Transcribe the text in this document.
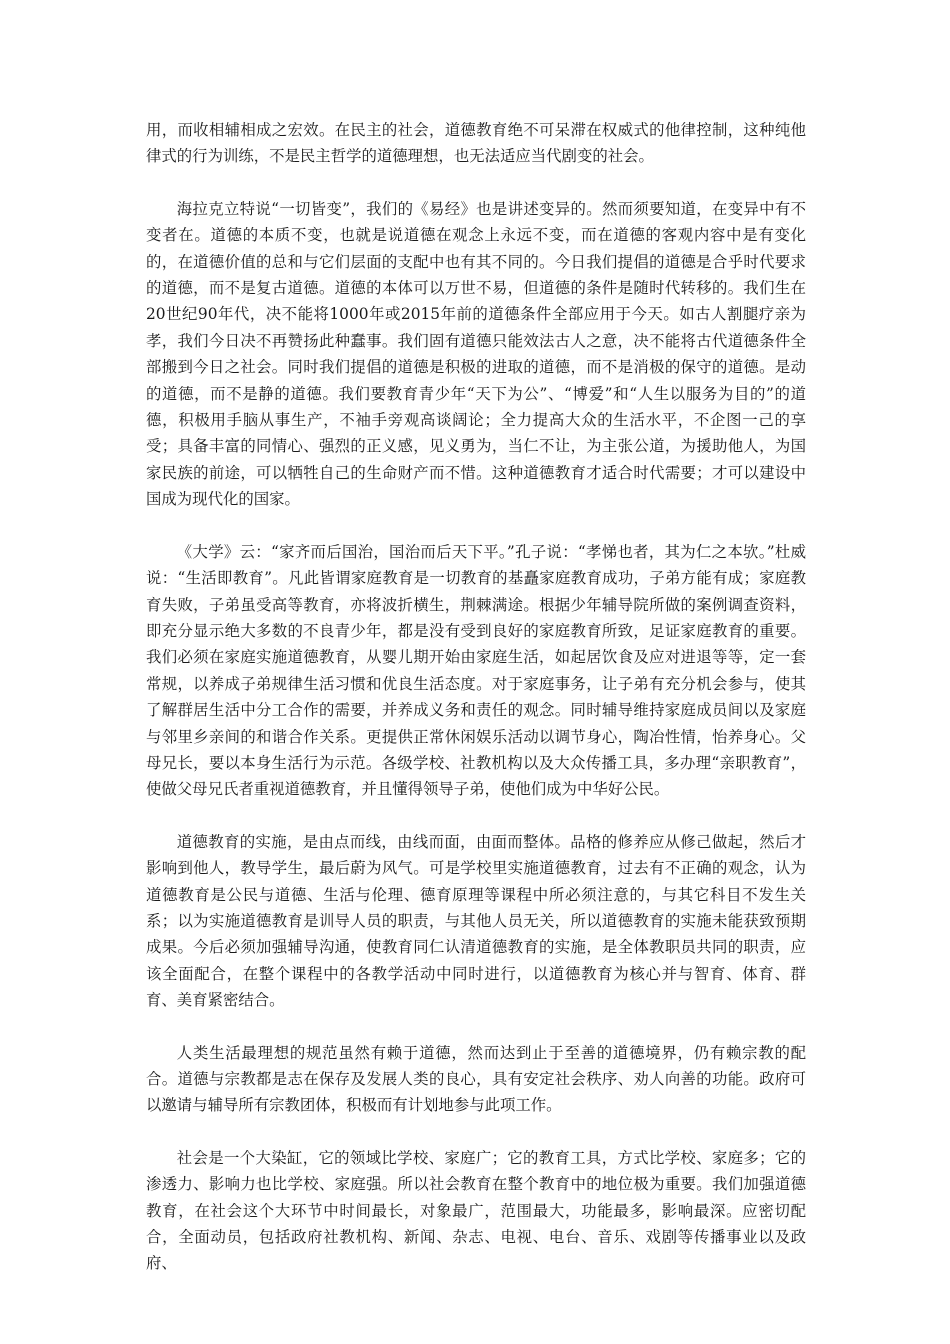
用，而收相辅相成之宏效。在民主的社会，道德教育绝不可呆滞在权威式的他律控制，这种纯他律式的行为训练，不是民主哲学的道德理想，也无法适应当代剧变的社会。

海拉克立特说“一切皆变”，我们的《易经》也是讲述变异的。然而须要知道，在变异中有不变者在。道德的本质不变，也就是说道德在观念上永远不变，而在道德的客观内容中是有变化的，在道德价值的总和与它们层面的支配中也有其不同的。今日我们提倡的道德是合乎时代要求的道德，而不是复古道德。道德的本体可以万世不易，但道德的条件是随时代转移的。我们生在20世纪90年代，决不能将1000年或2015年前的道德条件全部应用于今天。如古人割腿疗亲为孝，我们今日决不再赞扬此种蠢事。我们固有道德只能效法古人之意，决不能将古代道德条件全部搬到今日之社会。同时我们提倡的道德是积极的进取的道德，而不是消极的保守的道德。是动的道德，而不是静的道德。我们要教育青少年“天下为公”、“博爱”和“人生以服务为目的”的道德，积极用手脑从事生产，不袖手旁观高谈阔论；全力提高大众的生活水平，不企图一己的享受；具备丰富的同情心、强烈的正义感，见义勇为，当仁不让，为主张公道，为援助他人，为国家民族的前途，可以牺牲自己的生命财产而不惜。这种道德教育才适合时代需要；才可以建设中国成为现代化的国家。

《大学》云：“家齐而后国治，国治而后天下平。”孔子说：“孝悌也者，其为仁之本欤。”杜威说：“生活即教育”。凡此皆谓家庭教育是一切教育的基矗家庭教育成功，子弟方能有成；家庭教育失败，子弟虽受高等教育，亦将波折横生，荆棘满途。根据少年辅导院所做的案例调查资料，即充分显示绝大多数的不良青少年，都是没有受到良好的家庭教育所致，足证家庭教育的重要。我们必须在家庭实施道德教育，从婴儿期开始由家庭生活，如起居饮食及应对进退等等，定一套常规，以养成子弟规律生活习惯和优良生活态度。对于家庭事务，让子弟有充分机会参与，使其了解群居生活中分工合作的需要，并养成义务和责任的观念。同时辅导维持家庭成员间以及家庭与邻里乡亲间的和谐合作关系。更提供正常休闲娱乐活动以调节身心，陶冶性情，怡养身心。父母兄长，要以本身生活行为示范。各级学校、社教机构以及大众传播工具，多办理“亲职教育”，使做父母兄氏者重视道德教育，并且懂得领导子弟，使他们成为中华好公民。

道德教育的实施，是由点而线，由线而面，由面而整体。品格的修养应从修己做起，然后才影响到他人，教导学生，最后蔚为风气。可是学校里实施道德教育，过去有不正确的观念，认为道德教育是公民与道德、生活与伦理、德育原理等课程中所必须注意的，与其它科目不发生关系；以为实施道德教育是训导人员的职责，与其他人员无关，所以道德教育的实施未能获致预期成果。今后必须加强辅导沟通，使教育同仁认清道德教育的实施，是全体教职员共同的职责，应该全面配合，在整个课程中的各教学活动中同时进行，以道德教育为核心并与智育、体育、群育、美育紧密结合。

人类生活最理想的规范虽然有赖于道德，然而达到止于至善的道德境界，仍有赖宗教的配合。道德与宗教都是志在保存及发展人类的良心，具有安定社会秩序、劝人向善的功能。政府可以邀请与辅导所有宗教团体，积极而有计划地参与此项工作。

社会是一个大染缸，它的领域比学校、家庭广；它的教育工具，方式比学校、家庭多；它的渗透力、影响力也比学校、家庭强。所以社会教育在整个教育中的地位极为重要。我们加强道德教育，在社会这个大环节中时间最长，对象最广，范围最大，功能最多，影响最深。应密切配合，全面动员，包括政府社教机构、新闻、杂志、电视、电台、音乐、戏剧等传播事业以及政府、
